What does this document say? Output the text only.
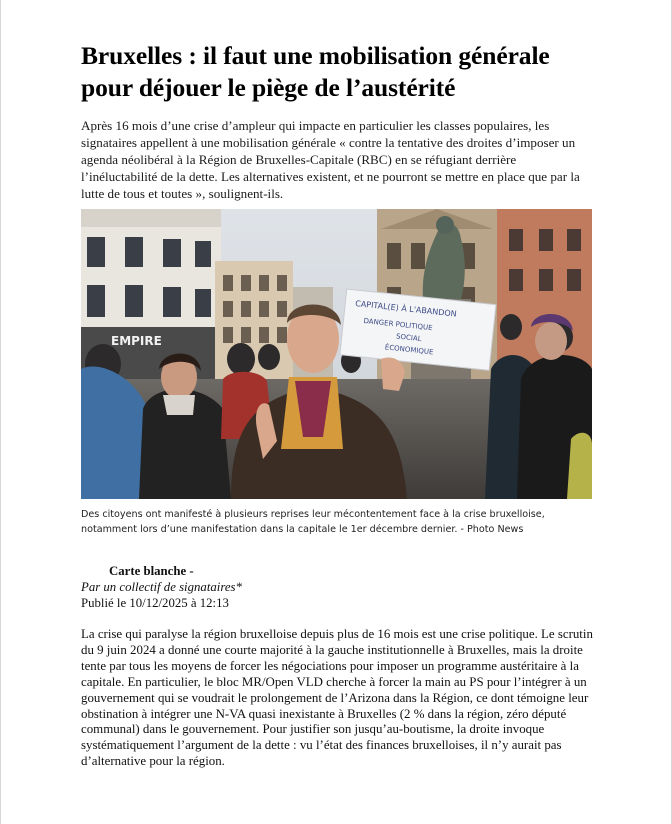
Bruxelles : il faut une mobilisation générale pour déjouer le piège de l’austérité

Après 16 mois d’une crise d’ampleur qui impacte en particulier les classes populaires, les signataires appellent à une mobilisation générale « contre la tentative des droites d’imposer un agenda néolibéral à la Région de Bruxelles-Capitale (RBC) en se réfugiant derrière l’inéluctabilité de la dette. Les alternatives existent, et ne pourront se mettre en place que par la lutte de tous et toutes », soulignent-ils.

EMPIRE
CAPITAL(E) À L'ABANDON
DANGER POLITIQUE
SOCIAL
ÉCONOMIQUE

Des citoyens ont manifesté à plusieurs reprises leur mécontentement face à la crise bruxelloise, notamment lors d’une manifestation dans la capitale le 1er décembre dernier. - Photo News

Carte blanche -
Par un collectif de signataires*
Publié le 10/12/2025 à 12:13

La crise qui paralyse la région bruxelloise depuis plus de 16 mois est une crise politique. Le scrutin du 9 juin 2024 a donné une courte majorité à la gauche institutionnelle à Bruxelles, mais la droite tente par tous les moyens de forcer les négociations pour imposer un programme austéritaire à la capitale. En particulier, le bloc MR/Open VLD cherche à forcer la main au PS pour l’intégrer à un gouvernement qui se voudrait le prolongement de l’Arizona dans la Région, ce dont témoigne leur obstination à intégrer une N-VA quasi inexistante à Bruxelles (2 % dans la région, zéro député communal) dans le gouvernement. Pour justifier son jusqu’au-boutisme, la droite invoque systématiquement l’argument de la dette : vu l’état des finances bruxelloises, il n’y aurait pas d’alternative pour la région.
